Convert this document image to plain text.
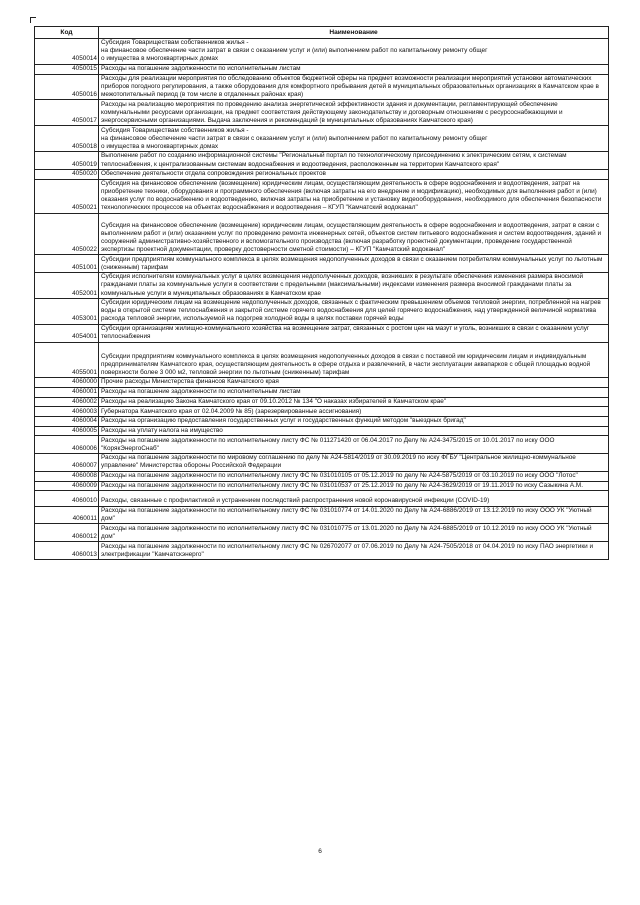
Код	Наименование
4050014	Субсидия Товариществам собственников жилья -
на финансовое обеспечение части затрат в связи с оказанием услуг и (или) выполнением работ по капитальному ремонту общег
о имущества в многоквартирных домах
4050015	Расходы на погашение задолженности по исполнительным листам
4050016	Расходы для реализации мероприятия по обследованию объектов бюджетной сферы на предмет возможности реализации мероприятий установки автоматических приборов погодного регулирования, а также оборудования для комфортного пребывания детей в муниципальных образовательных организациях в Камчатском крае в межотопительный период (в том числе в отдаленных районах края)
4050017	Расходы на реализацию мероприятия по проведению анализа энергетической эффективности здания и документации, регламентирующей обеспечение коммунальными ресурсами организации, на предмет соответствия действующему законодательству и договорным отношениям с ресурсоснабжающими и энергосервисными организациями. Выдача заключения и рекомендаций (в муниципальных образованиях Камчатского края)
4050018	Субсидия Товариществам собственников жилья -
на финансовое обеспечение части затрат в связи с оказанием услуг и (или) выполнением работ по капитальному ремонту общег
о имущества в многоквартирных домах
4050019	Выполнение работ по созданию информационной системы "Региональный портал по технологическому присоединению к электрическим сетям, к системам теплоснабжения, к централизованным системам водоснабжения и водоотведения, расположенным на территории Камчатского края"
4050020	Обеспечение деятельности отдела сопровождения региональных проектов
4050021	Субсидия на финансовое обеспечение (возмещение) юридическим лицам, осуществляющим деятельность в сфере водоснабжения и водоотведения, затрат на приобретение техники, оборудования и программного обеспечения (включая затраты на его внедрение и модификацию), необходимых для выполнения работ и (или) оказания услуг по водоснабжению и водоотведению, включая затраты на приобретение и установку видеооборудования, необходимого для обеспечения безопасности технологических процессов на объектах водоснабжения и водоотведения – КГУП "Камчатский водоканал"
4050022	Субсидия на финансовое обеспечение (возмещение) юридическим лицам, осуществляющим деятельность в сфере водоснабжения и водоотведения, затрат в связи с выполнением работ и (или) оказанием услуг по проведению ремонта инженерных сетей, объектов систем питьевого водоснабжения и систем водоотведения, зданий и сооружений административно-хозяйственного и вспомогательного производства (включая разработку проектной документации, проведение государственной экспертизы проектной документации, проверку достоверности сметной стоимости) – КГУП "Камчатский водоканал"
4051001	Субсидии предприятиям коммунального комплекса в целях возмещения недополученных доходов в связи с оказанием потребителям коммунальных услуг по льготным (сниженным) тарифам
4052001	Субсидия исполнителям коммунальных услуг в целях возмещения недополученных доходов, возникших в результате обеспечения изменения размера вносимой гражданами платы за коммунальные услуги в соответствии с предельными (максимальными) индексами изменения размера вносимой гражданами платы за коммунальные услуги в муниципальных образованиях в Камчатском крае
4053001	Субсидии юридическим лицам на возмещение недополученных доходов, связанных с фактическим превышением объемов тепловой энергии, потребленной на нагрев воды в открытой системе теплоснабжения и закрытой системе горячего водоснабжения для целей горячего водоснабжения, над утвержденной величиной норматива расхода тепловой энергии, используемой на подогрев холодной воды в целях поставки горячей воды
4054001	Субсидии организациям жилищно-коммунального хозяйства на возмещение затрат, связанных с ростом цен на мазут и уголь, возникших в связи с оказанием услуг теплоснабжения
4055001	Субсидии предприятиям коммунального комплекса в целях возмещения недополученных доходов в связи с поставкой им юридическим лицам и индивидуальным предпринимателям Камчатского края, осуществляющим деятельность в сфере отдыха и развлечений, в части эксплуатации аквапарков с общей площадью водной поверхности более 3 000 м2, тепловой энергии по льготным (сниженным) тарифам
4060000	Прочие расходы Министерства финансов Камчатского края
4060001	Расходы на погашение задолженности по исполнительным листам
4060002	Расходы на реализацию Закона Камчатского края от 09.10.2012 № 134 "О наказах избирателей в Камчатском крае"
4060003	Губернатора Камчатского края от 02.04.2009 № 85) (зарезервированные ассигнования)
4060004	Расходы на организацию предоставления государственных услуг и государственных функций методом "выездных бригад"
4060005	Расходы на уплату налога на имущество
4060006	Расходы на погашение задолженности по исполнительному листу ФС № 011271420 от 06.04.2017 по Делу № А24-3475/2015 от 10.01.2017 по иску ООО "КорякЭнергоСнаб"
4060007	Расходы на погашение задолженности по мировому соглашению по делу № А24-5814/2019 от 30.09.2019 по иску ФГБУ "Центральное жилищно-коммунальное управление" Министерства обороны Российской Федерации
4060008	Расходы на погашение задолженности по исполнительному листу ФС № 031010105 от 05.12.2019 по делу № А24-5875/2019 от 03.10.2019 по иску ООО "Лотос"
4060009	Расходы на погашение задолженности по исполнительному листу ФС № 031010537 от 25.12.2019 по делу № А24-3629/2019 от 19.11.2019 по иску Сазыкина А.М.
4060010	Расходы, связанные с профилактикой и устранением последствий распространения новой коронавирусной инфекции (COVID-19)
4060011	Расходы на погашение задолженности по исполнительному листу ФС № 031010774 от 14.01.2020 по Делу № А24-6886/2019 от 13.12.2019 по иску ООО УК "Уютный дом"
4060012	Расходы на погашение задолженности по исполнительному листу ФС № 031010775 от 13.01.2020 по Делу № А24-6885/2019 от 10.12.2019 по иску ООО УК "Уютный дом"
4060013	Расходы на погашение задолженности по исполнительному листу ФС № 026702077 от 07.06.2019 по Делу № А24-7505/2018 от 04.04.2019 по иску ПАО энергетики и электрификации "Камчатскэнерго"
6
